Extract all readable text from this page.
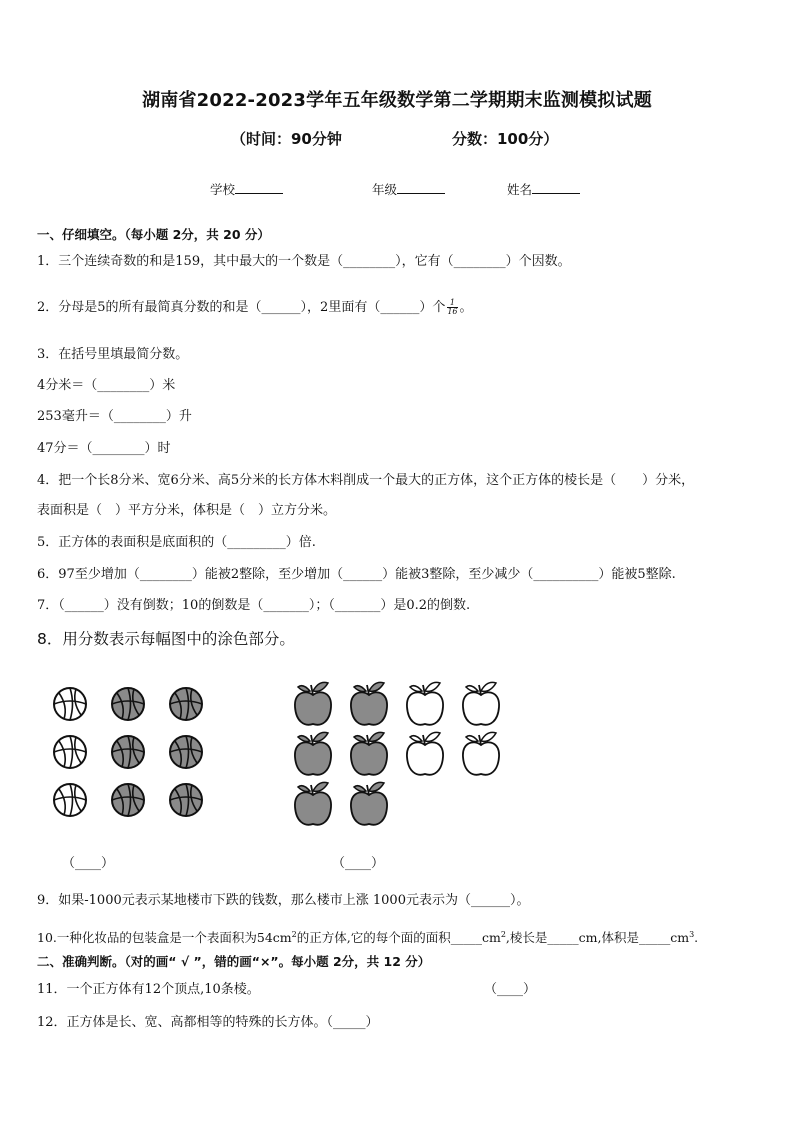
湖南省2022-2023学年五年级数学第二学期期末监测模拟试题
（时间：90分钟	分数：100分）
学校	年级	姓名
一、仔细填空。（每小题 2分，共 20 分）
1．三个连续奇数的和是159，其中最大的一个数是（________），它有（________）个因数。
2．分母是5的所有最简真分数的和是（______），2里面有（______）个 $\frac{1}{16}$ 。
3．在括号里填最简分数。
4分米＝（________）米
253毫升＝（________）升
47分＝（________）时
4．把一个长8分米、宽6分米、高5分米的长方体木料削成一个最大的正方体，这个正方体的棱长是（　　）分米，
表面积是（　）平方分米，体积是（　）立方分米。
5．正方体的表面积是底面积的（_________）倍.
6．97至少增加（________）能被2整除，至少增加（______）能被3整除，至少减少（__________）能被5整除.
7．（______）没有倒数；10的倒数是（_______）；（_______）是0.2的倒数.
8．用分数表示每幅图中的涂色部分。
（____）	（____）
9．如果-1000元表示某地楼市下跌的钱数，那么楼市上涨 1000元表示为（______）。
10.一种化妆品的包装盒是一个表面积为$54cm^2$的正方体,它的每个面的面积$\_\_\_\_\_cm^2$,棱长是_____cm,体积是$\_\_\_\_\_cm^3$.
二、准确判断。（对的画“ √ ”，错的画“×”。每小题 2分，共 12 分）
11．一个正方体有12个顶点,10条棱。	（____）
12．正方体是长、宽、高都相等的特殊的长方体。（_____）
